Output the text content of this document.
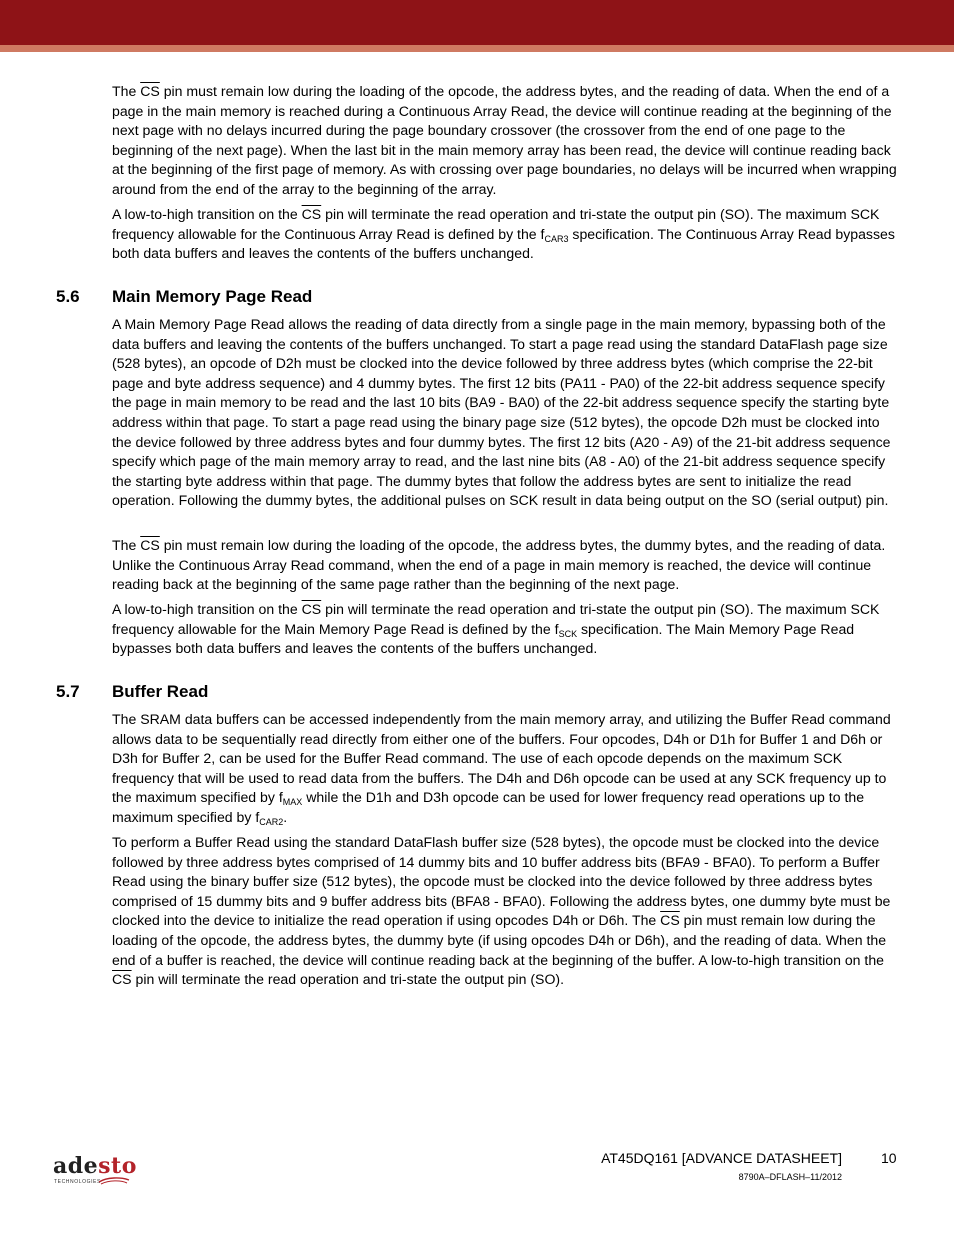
The $\overline{CS}$ pin must remain low during the loading of the opcode, the address bytes, and the reading of data. When the end of a page in the main memory is reached during a Continuous Array Read, the device will continue reading at the beginning of the next page with no delays incurred during the page boundary crossover (the crossover from the end of one page to the beginning of the next page). When the last bit in the main memory array has been read, the device will continue reading back at the beginning of the first page of memory. As with crossing over page boundaries, no delays will be incurred when wrapping around from the end of the array to the beginning of the array.

A low-to-high transition on the $\overline{CS}$ pin will terminate the read operation and tri-state the output pin (SO). The maximum SCK frequency allowable for the Continuous Array Read is defined by the $f_{CAR3}$ specification. The Continuous Array Read bypasses both data buffers and leaves the contents of the buffers unchanged.

5.6 Main Memory Page Read

A Main Memory Page Read allows the reading of data directly from a single page in the main memory, bypassing both of the data buffers and leaving the contents of the buffers unchanged. To start a page read using the standard DataFlash page size (528 bytes), an opcode of D2h must be clocked into the device followed by three address bytes (which comprise the 22-bit page and byte address sequence) and 4 dummy bytes. The first 12 bits (PA11 - PA0) of the 22-bit address sequence specify the page in main memory to be read and the last 10 bits (BA9 - BA0) of the 22-bit address sequence specify the starting byte address within that page. To start a page read using the binary page size (512 bytes), the opcode D2h must be clocked into the device followed by three address bytes and four dummy bytes. The first 12 bits (A20 - A9) of the 21-bit address sequence specify which page of the main memory array to read, and the last nine bits (A8 - A0) of the 21-bit address sequence specify the starting byte address within that page. The dummy bytes that follow the address bytes are sent to initialize the read operation. Following the dummy bytes, the additional pulses on SCK result in data being output on the SO (serial output) pin.

The $\overline{CS}$ pin must remain low during the loading of the opcode, the address bytes, the dummy bytes, and the reading of data. Unlike the Continuous Array Read command, when the end of a page in main memory is reached, the device will continue reading back at the beginning of the same page rather than the beginning of the next page.

A low-to-high transition on the $\overline{CS}$ pin will terminate the read operation and tri-state the output pin (SO). The maximum SCK frequency allowable for the Main Memory Page Read is defined by the $f_{SCK}$ specification. The Main Memory Page Read bypasses both data buffers and leaves the contents of the buffers unchanged.

5.7 Buffer Read

The SRAM data buffers can be accessed independently from the main memory array, and utilizing the Buffer Read command allows data to be sequentially read directly from either one of the buffers. Four opcodes, D4h or D1h for Buffer 1 and D6h or D3h for Buffer 2, can be used for the Buffer Read command. The use of each opcode depends on the maximum SCK frequency that will be used to read data from the buffers. The D4h and D6h opcode can be used at any SCK frequency up to the maximum specified by $f_{MAX}$ while the D1h and D3h opcode can be used for lower frequency read operations up to the maximum specified by $f_{CAR2}$.

To perform a Buffer Read using the standard DataFlash buffer size (528 bytes), the opcode must be clocked into the device followed by three address bytes comprised of 14 dummy bits and 10 buffer address bits (BFA9 - BFA0). To perform a Buffer Read using the binary buffer size (512 bytes), the opcode must be clocked into the device followed by three address bytes comprised of 15 dummy bits and 9 buffer address bits (BFA8 - BFA0). Following the address bytes, one dummy byte must be clocked into the device to initialize the read operation if using opcodes D4h or D6h. The $\overline{CS}$ pin must remain low during the loading of the opcode, the address bytes, the dummy byte (if using opcodes D4h or D6h), and the reading of data. When the end of a buffer is reached, the device will continue reading back at the beginning of the buffer. A low-to-high transition on the $\overline{CS}$ pin will terminate the read operation and tri-state the output pin (SO).

adesto
TECHNOLOGIES
AT45DQ161 [ADVANCE DATASHEET]	10
8790A–DFLASH–11/2012
